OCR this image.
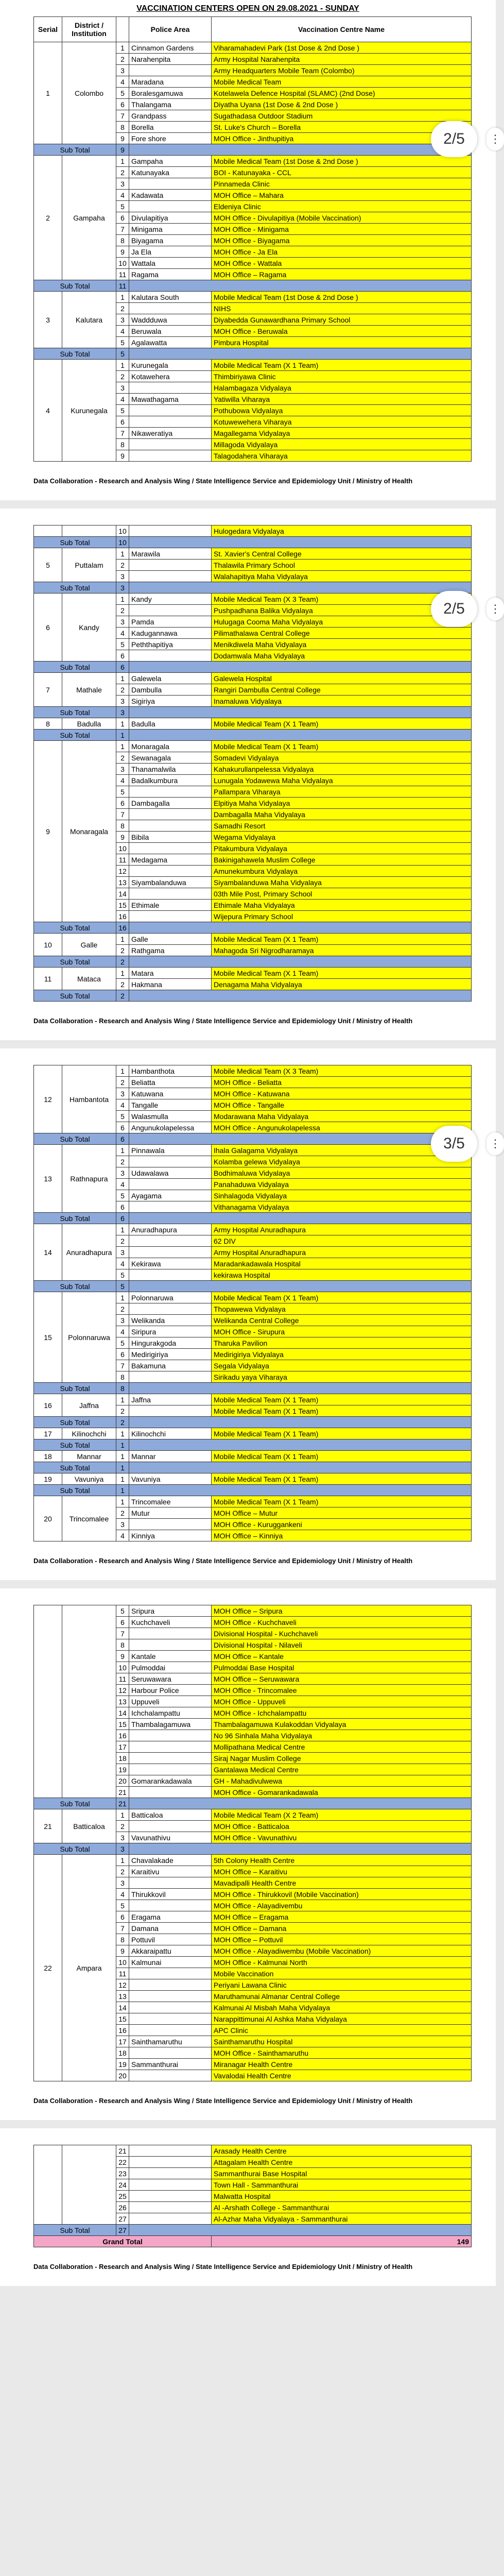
VACCINATION CENTERS OPEN ON 29.08.2021 - SUNDAY
Serial	District / Institution		Police Area	Vaccination Centre Name
1	Colombo	1	Cinnamon Gardens	Viharamahadevi Park (1st Dose & 2nd Dose )
		2	Narahenpita	Army Hospital Narahenpita
		3		Army Headquarters Mobile Team (Colombo)
		4	Maradana	Mobile Medical Team
		5	Boralesgamuwa	Kotelawela Defence Hospital (SLAMC) (2nd Dose)
		6	Thalangama	Diyatha Uyana (1st Dose & 2nd Dose )
		7	Grandpass	Sugathadasa Outdoor Stadium
		8	Borella	St. Luke's Church – Borella
		9	Fore shore	MOH Office - Jinthupitiya
Sub Total		9		
2	Gampaha	1	Gampaha	Mobile Medical Team (1st Dose & 2nd Dose )
		2	Katunayaka	BOI - Katunayaka - CCL
		3		Pinnameda Clinic
		4	Kadawata	MOH Office – Mahara
		5		Eldeniya Clinic
		6	Divulapitiya	MOH Office - Divulapitiya (Mobile Vaccination)
		7	Minigama	MOH Office - Minigama
		8	Biyagama	MOH Office - Biyagama
		9	Ja Ela	MOH Office - Ja Ela
		10	Wattala	MOH Office - Wattala
		11	Ragama	MOH Office – Ragama
Sub Total		11		
3	Kalutara	1	Kalutara South	Mobile Medical Team (1st Dose & 2nd Dose )
		2		NIHS
		3	Waddduwa	Diyabedda Gunawardhana Primary School
		4	Beruwala	MOH Office - Beruwala
		5	Agalawatta	Pimbura Hospital
Sub Total		5		
4	Kurunegala	1	Kurunegala	Mobile Medical Team (X 1 Team)
		2	Kotawehera	Thimbiriyawa Clinic
		3		Halambagaza Vidyalaya
		4	Mawathagama	Yatiwilla Viharaya
		5		Pothubowa Vidyalaya
		6		Kotuwewehera Viharaya
		7	Nikaweratiya	Magallegama Vidyalaya
		8		Millagoda Vidyalaya
		9		Talagodahera Viharaya
Data Collaboration - Research and Analysis Wing / State Intelligence Service and Epidemiology Unit / Ministry of Health
2/5	⋮
		10		Hulogedara Vidyalaya
Sub Total		10		
5	Puttalam	1	Marawila	St. Xavier's Central College
		2		Thalawila Primary School
		3		Walahapitiya Maha Vidyalaya
Sub Total		3		
6	Kandy	1	Kandy	Mobile Medical Team (X 3 Team)
		2		Pushpadhana Balika Vidyalaya
		3	Pamda	Hulugaga Cooma Maha Vidyalaya
		4	Kadugannawa	Pilimathalawa Central College
		5	Peththapitiya	Menikdiwela Maha Vidyalaya
		6		Dodamwala Maha Vidyalaya
Sub Total		6		
7	Mathale	1	Galewela	Galewela Hospital
		2	Dambulla	Rangiri Dambulla Central College
		3	Sigiriya	Inamaluwa Vidyalaya
Sub Total		3		
8	Badulla	1	Badulla	Mobile Medical Team (X 1 Team)
Sub Total		1		
9	Monaragala	1	Monaragala	Mobile Medical Team (X 1 Team)
		2	Sewanagala	Somadevi Vidyalaya
		3	Thanamalwila	Kahakurullanpelessa Vidyalaya
		4	Badalkumbura	Lunugala Yodawewa Maha Vidyalaya
		5		Pallampara Viharaya
		6	Dambagalla	Elpitiya Maha Vidyalaya
		7		Dambagalla Maha Vidyalaya
		8		Samadhi Resort
		9	Bibila	Wegama Vidyalaya
		10		Pitakumbura Vidyalaya
		11	Medagama	Bakinigahawela Muslim College
		12		Amunekumbura Vidyalaya
		13	Siyambalanduwa	Siyambalanduwa Maha Vidyalaya
		14		03th Mile Post, Primary School
		15	Ethimale	Ethimale Maha Vidyalaya
		16		Wijepura Primary School
Sub Total		16		
10	Galle	1	Galle	Mobile Medical Team (X 1 Team)
		2	Rathgama	Mahagoda Sri Nigrodharamaya
Sub Total		2		
11	Mataca	1	Matara	Mobile Medical Team (X 1 Team)
		2	Hakmana	Denagama Maha Vidyalaya
Sub Total		2		
Data Collaboration - Research and Analysis Wing / State Intelligence Service and Epidemiology Unit / Ministry of Health
2/5	⋮
12	Hambantota	1	Hambanthota	Mobile Medical Team (X 3 Team)
		2	Beliatta	MOH Office - Beliatta
		3	Katuwana	MOH Office - Katuwana
		4	Tangalle	MOH Office - Tangalle
		5	Walasmulla	Modarawana Maha Vidyalaya
		6	Angunukolapelessa	MOH Office - Angunukolapelessa
Sub Total		6		
13	Rathnapura	1	Pinnawala	Ihala Galagama Vidyalaya
		2		Kolamba gelewa Vidyalaya
		3	Udawalawa	Bodhimaluwa Vidyalaya
		4		Panahaduwa Vidyalaya
		5	Ayagama	Sinhalagoda Vidyalaya
		6		Vithanagama Vidyalaya
Sub Total		6		
14	Anuradhapura	1	Anuradhapura	Army Hospital Anuradhapura
		2		62 DIV
		3		Army Hospital Anuradhapura
		4	Kekirawa	Maradankadawala Hospital
		5		kekirawa Hospital
Sub Total		5		
15	Polonnaruwa	1	Polonnaruwa	Mobile Medical Team (X 1 Team)
		2		Thopawewa Vidyalaya
		3	Welikanda	Welikanda Central College
		4	Siripura	MOH Office - Sirupura
		5	Hingurakgoda	Tharuka Pavilion
		6	Medirigiriya	Medirigiriya Vidyalaya
		7	Bakamuna	Segala Vidyalaya
		8		Sirikadu yaya Viharaya
Sub Total		8		
16	Jaffna	1	Jaffna	Mobile Medical Team (X 1 Team)
		2		Mobile Medical Team (X 1 Team)
Sub Total		2		
17	Kilinochchi	1	Kilinochchi	Mobile Medical Team (X 1 Team)
Sub Total		1		
18	Mannar	1	Mannar	Mobile Medical Team (X 1 Team)
Sub Total		1		
19	Vavuniya	1	Vavuniya	Mobile Medical Team (X 1 Team)
Sub Total		1		
20	Trincomalee	1	Trincomalee	Mobile Medical Team (X 1 Team)
		2	Mutur	MOH Office – Mutur
		3		MOH Office - Kuruggankeni
		4	Kinniya	MOH Office – Kinniya
Data Collaboration - Research and Analysis Wing / State Intelligence Service and Epidemiology Unit / Ministry of Health
3/5	⋮
		5	Sripura	MOH Office – Sripura
		6	Kuchchaveli	MOH Office - Kuchchaveli
		7		Divisional Hospital - Kuchchaveli
		8		Divisional Hospital - Nilaveli
		9	Kantale	MOH Office – Kantale
		10	Pulmoddai	Pulmoddai Base Hospital
		11	Seruwawara	MOH Office – Seruwawara
		12	Harbour Police	MOH Office - Trincomalee
		13	Uppuveli	MOH Office - Uppuveli
		14	Ichchalampattu	MOH Office - Ichchalampattu
		15	Thambalagamuwa	Thambalagamuwa Kulakoddan Vidyalaya
		16		No 96 Sinhala Maha Vidyalaya
		17		Mollipathana Medical Centre
		18		Siraj Nagar Muslim College
		19		Gantalawa Medical Centre
		20	Gomarankadawala	GH - Mahadivulwewa
		21		MOH Office - Gomarankadawala
Sub Total		21		
21	Batticaloa	1	Batticaloa	Mobile Medical Team (X 2 Team)
		2		MOH Office - Batticaloa
		3	Vavunathivu	MOH Office - Vavunathivu
Sub Total		3		
22	Ampara	1	Chavalakade	5th Colony Health Centre
		2	Karaitivu	MOH Office – Karaitivu
		3		Mavadipalli Health Centre
		4	Thirukkovil	MOH Office - Thirukkovil (Mobile Vaccination)
		5		MOH Office - Alayadivembu
		6	Eragama	MOH Office – Eragama
		7	Damana	MOH Office – Damana
		8	Pottuvil	MOH Office – Pottuvil
		9	Akkaraipattu	MOH Office - Alayadiwembu (Mobile Vaccination)
		10	Kalmunai	MOH Office - Kalmunai North
		11		Mobile Vaccination
		12		Periyani Lawana Clinic
		13		Maruthamunai Almanar Central College
		14		Kalmunai Al Misbah Maha Vidyalaya
		15		Narappittimunai Al Ashka Maha Vidyalaya
		16		APC Clinic
		17	Sainthamaruthu	Sainthamaruthu Hospital
		18		MOH Office - Sainthamaruthu
		19	Sammanthurai	Miranagar Health Centre
		20		Vavalodai Health Centre
Data Collaboration - Research and Analysis Wing / State Intelligence Service and Epidemiology Unit / Ministry of Health
		21		Arasady Health Centre
		22		Attagalam Health Centre
		23		Sammanthurai Base Hospital
		24		Town Hall - Sammanthurai
		25		Malwatta Hospital
		26		Al -Arshath College - Sammanthurai
		27		Al-Azhar Maha Vidyalaya - Sammanthurai
Sub Total		27		
Grand Total				149
Data Collaboration - Research and Analysis Wing / State Intelligence Service and Epidemiology Unit / Ministry of Health
